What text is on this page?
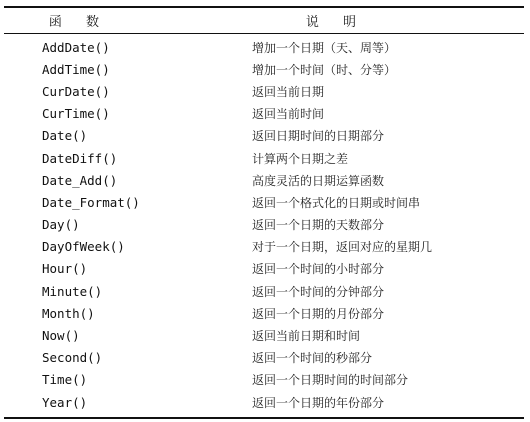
函 数	说 明
AddDate()	增加一个日期（天、周等）
AddTime()	增加一个时间（时、分等）
CurDate()	返回当前日期
CurTime()	返回当前时间
Date()	返回日期时间的日期部分
DateDiff()	计算两个日期之差
Date_Add()	高度灵活的日期运算函数
Date_Format()	返回一个格式化的日期或时间串
Day()	返回一个日期的天数部分
DayOfWeek()	对于一个日期，返回对应的星期几
Hour()	返回一个时间的小时部分
Minute()	返回一个时间的分钟部分
Month()	返回一个日期的月份部分
Now()	返回当前日期和时间
Second()	返回一个时间的秒部分
Time()	返回一个日期时间的时间部分
Year()	返回一个日期的年份部分
